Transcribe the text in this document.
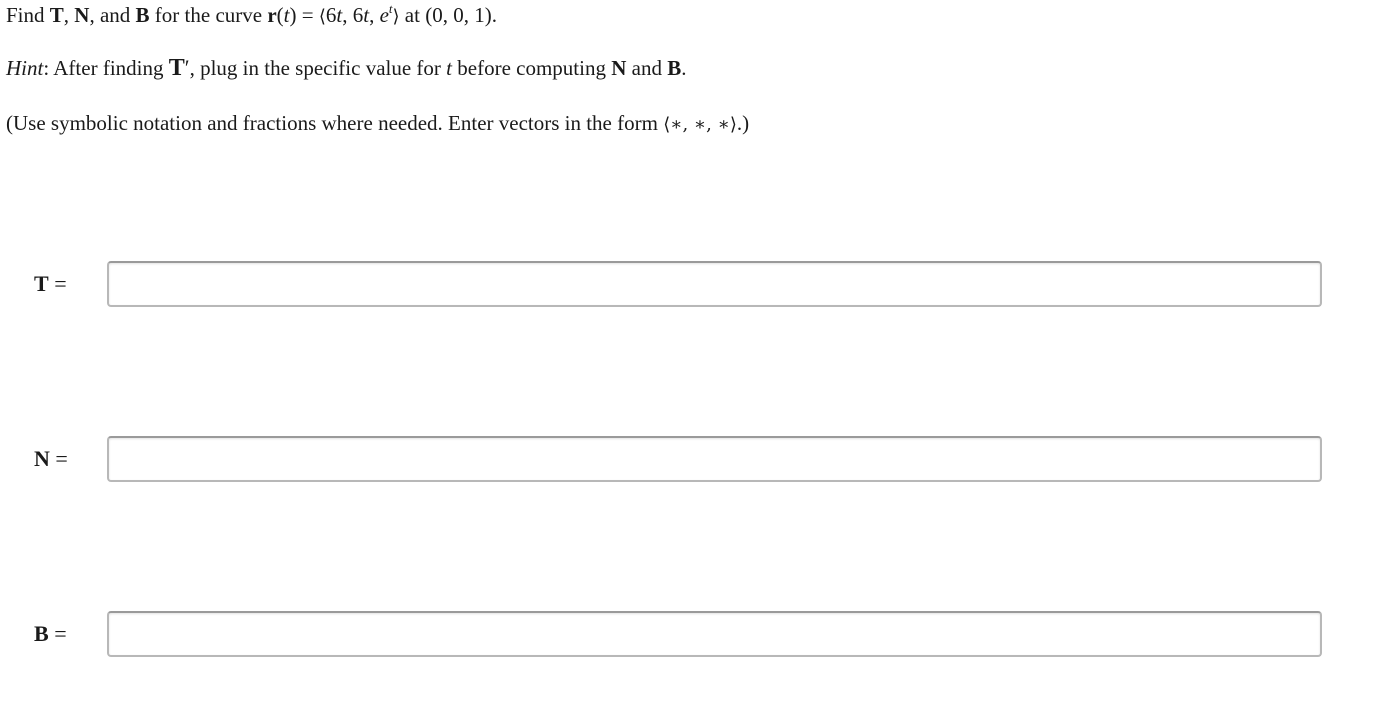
Find T, N, and B for the curve r(t) = ⟨6t, 6t, $e^t⟩$ at (0, 0, 1).
Hint: After finding T′, plug in the specific value for t before computing N and B.
(Use symbolic notation and fractions where needed. Enter vectors in the form ⟨∗, ∗, ∗⟩.)
T =
N =
B =
